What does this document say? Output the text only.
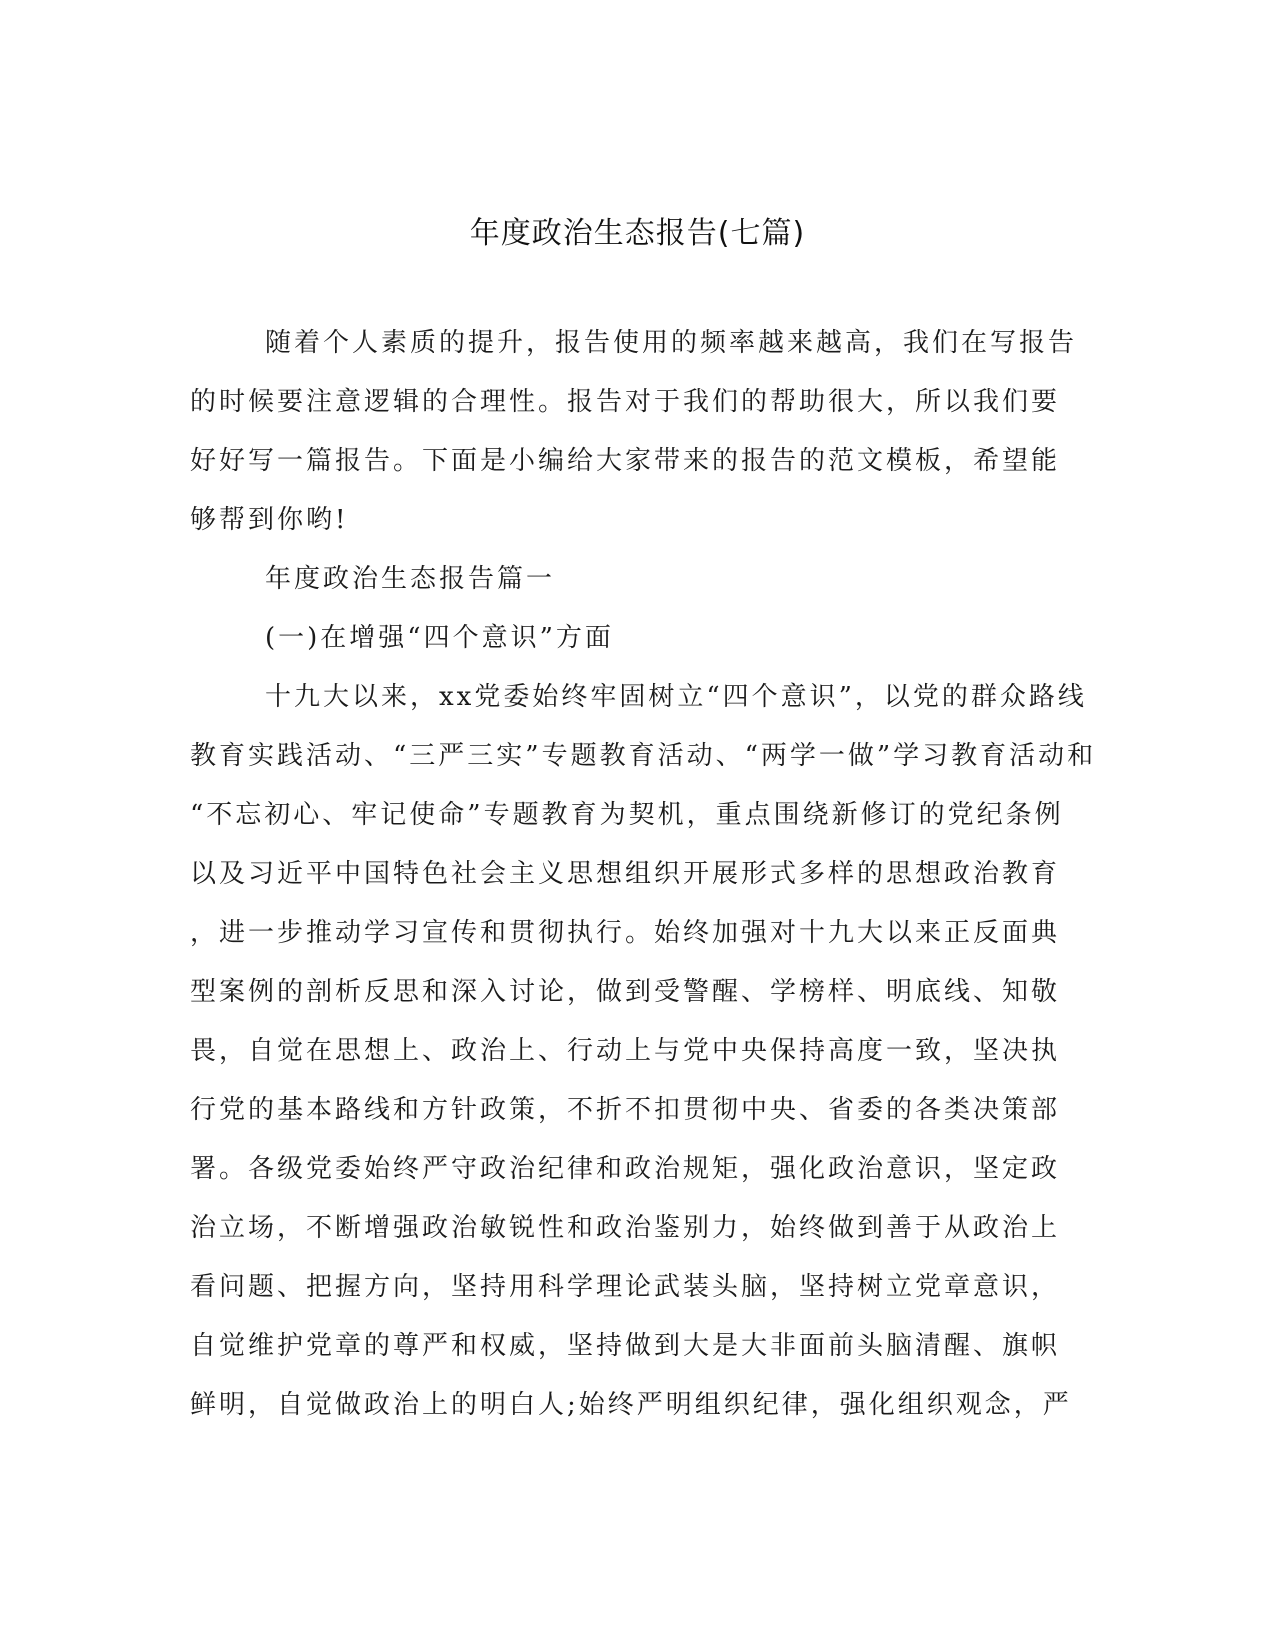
年度政治生态报告(七篇)
随着个人素质的提升，报告使用的频率越来越高，我们在写报告
的时候要注意逻辑的合理性。报告对于我们的帮助很大，所以我们要
好好写一篇报告。下面是小编给大家带来的报告的范文模板，希望能
够帮到你哟!
年度政治生态报告篇一
(一)在增强“四个意识”方面
十九大以来，xx党委始终牢固树立“四个意识”，以党的群众路线
教育实践活动、“三严三实”专题教育活动、“两学一做”学习教育活动和
“不忘初心、牢记使命”专题教育为契机，重点围绕新修订的党纪条例
以及习近平中国特色社会主义思想组织开展形式多样的思想政治教育
，进一步推动学习宣传和贯彻执行。始终加强对十九大以来正反面典
型案例的剖析反思和深入讨论，做到受警醒、学榜样、明底线、知敬
畏，自觉在思想上、政治上、行动上与党中央保持高度一致，坚决执
行党的基本路线和方针政策，不折不扣贯彻中央、省委的各类决策部
署。各级党委始终严守政治纪律和政治规矩，强化政治意识，坚定政
治立场，不断增强政治敏锐性和政治鉴别力，始终做到善于从政治上
看问题、把握方向，坚持用科学理论武装头脑，坚持树立党章意识，
自觉维护党章的尊严和权威，坚持做到大是大非面前头脑清醒、旗帜
鲜明，自觉做政治上的明白人;始终严明组织纪律，强化组织观念，严
